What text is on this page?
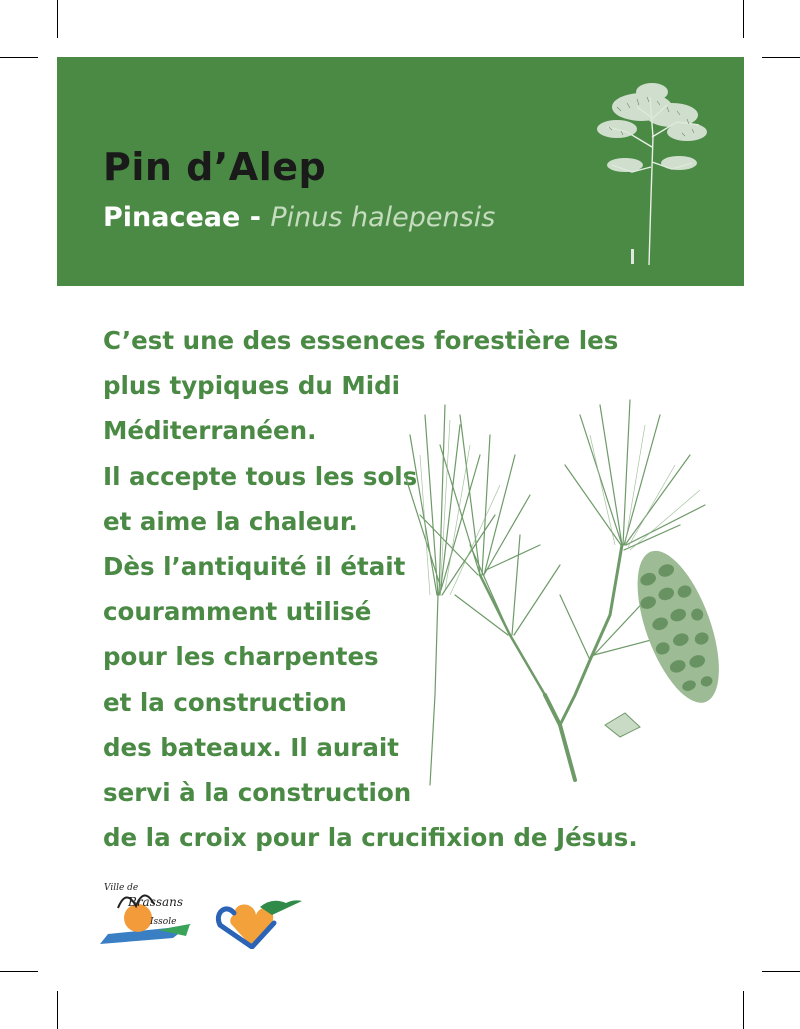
Pin d’Alep

Pinaceae - Pinus halepensis

C’est une des essences forestière les
plus typiques du Midi
Méditerranéen.
Il accepte tous les sols
et aime la chaleur.
Dès l’antiquité il était
couramment utilisé
pour les charpentes
et la construction
des bateaux. Il aurait
servi à la construction
de la croix pour la crucifixion de Jésus.
Ville de
Brassans
Issole
